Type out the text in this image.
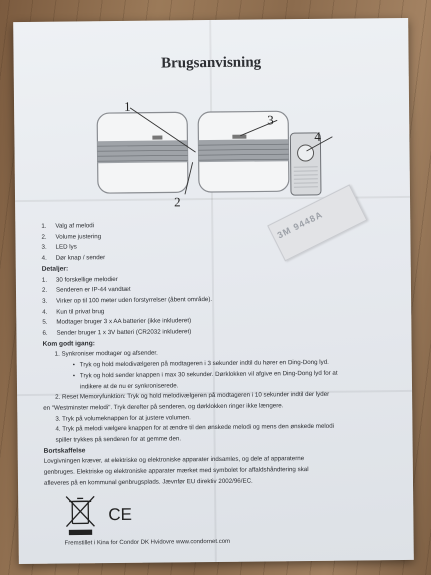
Brugsanvisning
1
2
3
4
3M 9448A
1.	Valg af melodi
2.	Volume justering
3.	LED lys
4.	Dør knap / sender
Detaljer:
1.	30 forskellige melodier
2.	Senderen er IP-44 vandtæt
3.	Virker op til 100 meter uden forstyrrelser (åbent område).
4.	Kun til privat brug
5.	Modtager bruger 3 x AA batterier (ikke inkluderet)
6.	Sender bruger 1 x 3V batteri (CR2032 inkluderet)
Kom godt igang:
1. Synkroniser modtager og afsender.
• Tryk og hold melodivælgeren på modtageren i 3 sekunder indtil du hører en Ding-Dong lyd.
• Tryk og hold sender knappen i max 30 sekunder. Dørklokken vil afgive en Ding-Dong lyd for at
indikere at de nu er synkroniserede.
2. Reset Memoryfunktion: Tryk og hold melodivælgeren på modtageren i 10 sekunder indtil der lyder
en "Westminster melodi". Tryk derefter på senderen, og dørklokken ringer ikke længere.
3. Tryk på volumeknappen for at justere volumen.
4. Tryk på melodi vælgere knappen for at ændre til den ønskede melodi og mens den ønskede melodi
spiller trykkes på senderen for at gemme den.
Bortskaffelse
Lovgivningen kræver, at elektriske og elektroniske apparater indsamles, og dele af apparaterne
genbruges. Elektriske og elektroniske apparater mærket med symbolet for affaldshåndtering skal
afleveres på en kommunal genbrugsplads. Jævnfør EU direktiv 2002/96/EC.
CE
Fremstillet i Kina for Condor DK Hvidovre www.condornet.com
